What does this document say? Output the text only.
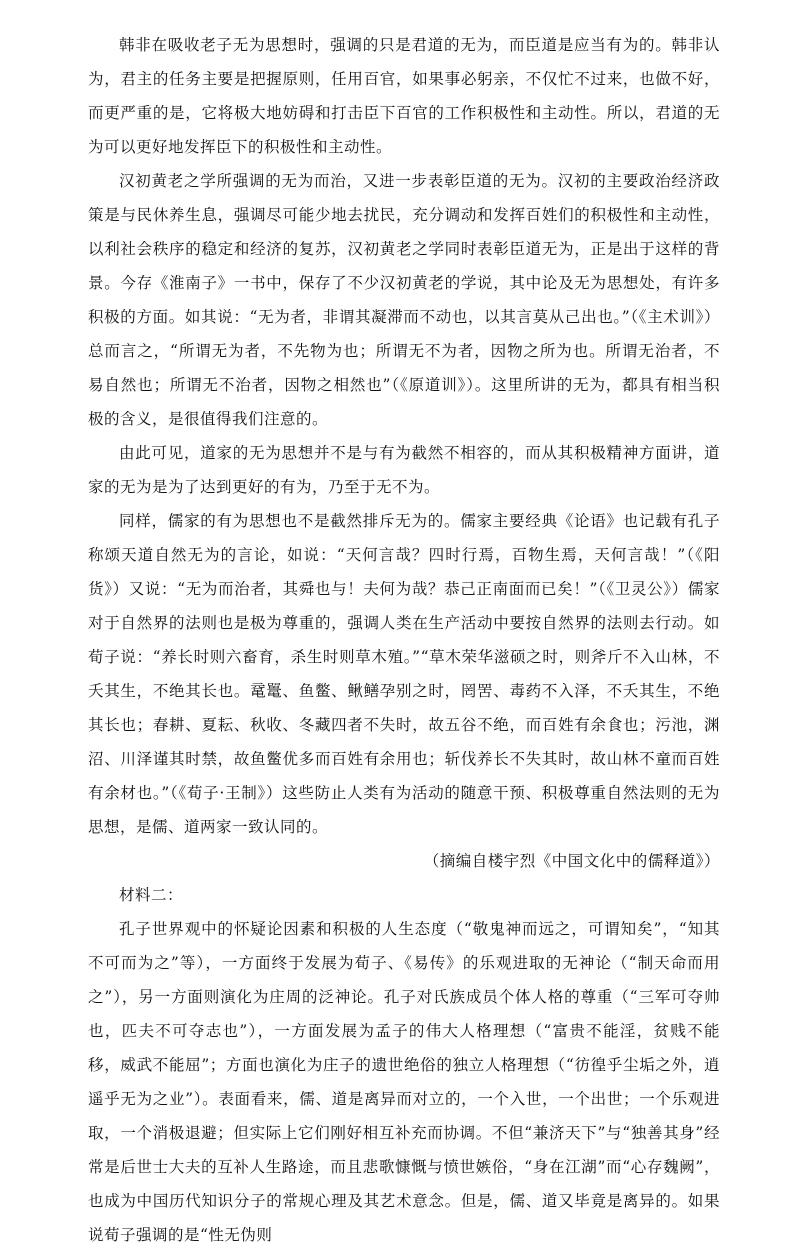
韩非在吸收老子无为思想时，强调的只是君道的无为，而臣道是应当有为的。韩非认为，君主的任务主要是把握原则，任用百官，如果事必躬亲，不仅忙不过来，也做不好，而更严重的是，它将极大地妨碍和打击臣下百官的工作积极性和主动性。所以，君道的无为可以更好地发挥臣下的积极性和主动性。

汉初黄老之学所强调的无为而治，又进一步表彰臣道的无为。汉初的主要政治经济政策是与民休养生息，强调尽可能少地去扰民，充分调动和发挥百姓们的积极性和主动性，以利社会秩序的稳定和经济的复苏，汉初黄老之学同时表彰臣道无为，正是出于这样的背景。今存《淮南子》一书中，保存了不少汉初黄老的学说，其中论及无为思想处，有许多积极的方面。如其说：“无为者，非谓其凝滞而不动也，以其言莫从己出也。”（《主术训》）总而言之，“所谓无为者，不先物为也；所谓无不为者，因物之所为也。所谓无治者，不易自然也；所谓无不治者，因物之相然也”（《原道训》）。这里所讲的无为，都具有相当积极的含义，是很值得我们注意的。

由此可见，道家的无为思想并不是与有为截然不相容的，而从其积极精神方面讲，道家的无为是为了达到更好的有为，乃至于无不为。

同样，儒家的有为思想也不是截然排斥无为的。儒家主要经典《论语》也记载有孔子称颂天道自然无为的言论，如说：“天何言哉？四时行焉，百物生焉，天何言哉！”（《阳货》）又说：“无为而治者，其舜也与！夫何为哉？恭己正南面而已矣！”（《卫灵公》）儒家对于自然界的法则也是极为尊重的，强调人类在生产活动中要按自然界的法则去行动。如荀子说：“养长时则六畜育，杀生时则草木殖。”“草木荣华滋硕之时，则斧斤不入山林，不夭其生，不绝其长也。鼋鼍、鱼鳖、鳅鳝孕别之时，罔罟、毒药不入泽，不夭其生，不绝其长也；春耕、夏耘、秋收、冬藏四者不失时，故五谷不绝，而百姓有余食也；污池，渊沼、川泽谨其时禁，故鱼鳖优多而百姓有余用也；斩伐养长不失其时，故山林不童而百姓有余材也。”（《荀子·王制》）这些防止人类有为活动的随意干预、积极尊重自然法则的无为思想，是儒、道两家一致认同的。

（摘编自楼宇烈《中国文化中的儒释道》）

材料二：

孔子世界观中的怀疑论因素和积极的人生态度（“敬鬼神而远之，可谓知矣”，“知其不可而为之”等），一方面终于发展为荀子、《易传》的乐观进取的无神论（“制天命而用之”），另一方面则演化为庄周的泛神论。孔子对氏族成员个体人格的尊重（“三军可夺帅也，匹夫不可夺志也”），一方面发展为孟子的伟大人格理想（“富贵不能淫，贫贱不能移，威武不能屈”；方面也演化为庄子的遗世绝俗的独立人格理想（“彷徨乎尘垢之外，逍遥乎无为之业”）。表面看来，儒、道是离异而对立的，一个入世，一个出世；一个乐观进取，一个消极退避；但实际上它们刚好相互补充而协调。不但“兼济天下”与“独善其身”经常是后世士大夫的互补人生路途，而且悲歌慷慨与愤世嫉俗，“身在江湖”而“心存魏阙”，也成为中国历代知识分子的常规心理及其艺术意念。但是，儒、道又毕竟是离异的。如果说荀子强调的是“性无伪则
